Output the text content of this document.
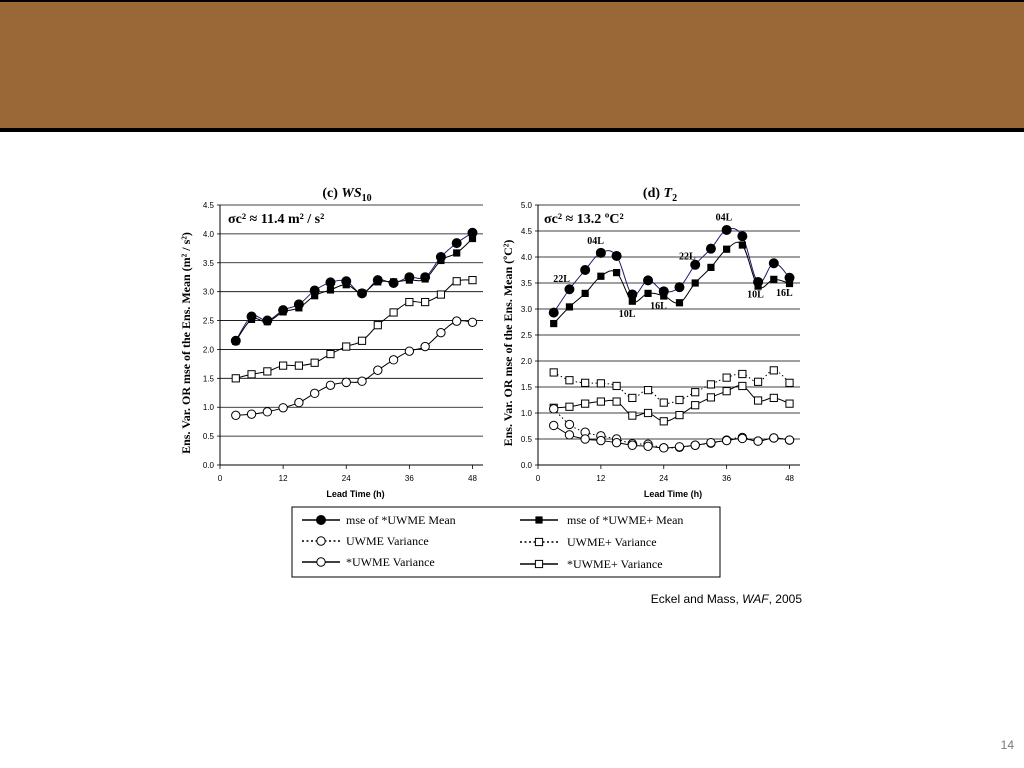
0.0
0.5
1.0
1.5
2.0
2.5
3.0
3.5
4.0
4.5
0	12	24	36	48
Lead Time (h)
(c) $WS_{10}$
σc² ≈ 11.4 m² / s²
Ens. Var. OR mse of the Ens. Mean (m² / s²)
0.0
0.5
1.0
1.5
2.0
2.5
3.0
3.5
4.0
4.5
5.0
0	12	24	36	48
Lead Time (h)
(d) $T_2$
σc² ≈ 13.2 ºC²
Ens. Var. OR mse of the Ens. Mean (ºC²)	22L
04L
10L
16L
22L
04L
10L 16L
mse of *UWME Mean	mse of *UWME+ Mean
UWME Variance	UWME+ Variance
*UWME Variance	*UWME+ Variance
Eckel and Mass, WAF, 2005
14
